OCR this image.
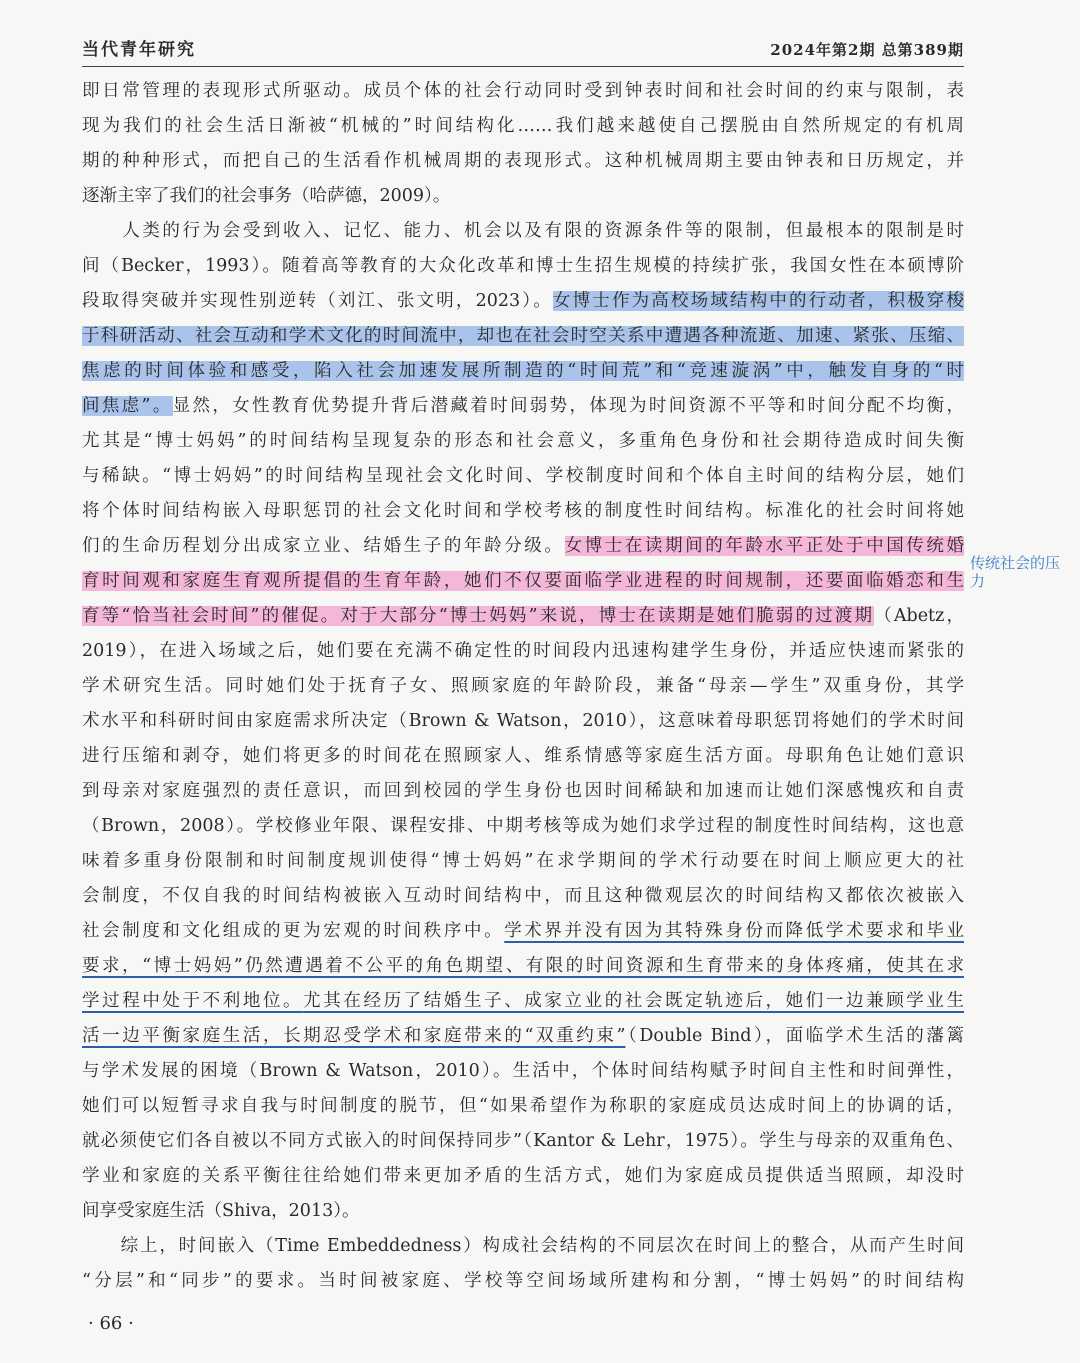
当代青年研究	2024年第2期 总第389期
即日常管理的表现形式所驱动。成员个体的社会行动同时受到钟表时间和社会时间的约束与限制，表
现为我们的社会生活日渐被“机械的”时间结构化……我们越来越使自己摆脱由自然所规定的有机周
期的种种形式，而把自己的生活看作机械周期的表现形式。这种机械周期主要由钟表和日历规定，并
逐渐主宰了我们的社会事务（哈萨德，2009）。
　　人类的行为会受到收入、记忆、能力、机会以及有限的资源条件等的限制，但最根本的限制是时
间（Becker，1993）。随着高等教育的大众化改革和博士生招生规模的持续扩张，我国女性在本硕博阶
段取得突破并实现性别逆转（刘江、张文明，2023）。女博士作为高校场域结构中的行动者，积极穿梭
于科研活动、社会互动和学术文化的时间流中，却也在社会时空关系中遭遇各种流逝、加速、紧张、压缩、
焦虑的时间体验和感受，陷入社会加速发展所制造的“时间荒”和“竞速漩涡”中，触发自身的“时
间焦虑”。显然，女性教育优势提升背后潜藏着时间弱势，体现为时间资源不平等和时间分配不均衡，
尤其是“博士妈妈”的时间结构呈现复杂的形态和社会意义，多重角色身份和社会期待造成时间失衡
与稀缺。“博士妈妈”的时间结构呈现社会文化时间、学校制度时间和个体自主时间的结构分层，她们
将个体时间结构嵌入母职惩罚的社会文化时间和学校考核的制度性时间结构。标准化的社会时间将她
们的生命历程划分出成家立业、结婚生子的年龄分级。女博士在读期间的年龄水平正处于中国传统婚
育时间观和家庭生育观所提倡的生育年龄，她们不仅要面临学业进程的时间规制，还要面临婚恋和生
育等“恰当社会时间”的催促。对于大部分“博士妈妈”来说，博士在读期是她们脆弱的过渡期（Abetz，
2019），在进入场域之后，她们要在充满不确定性的时间段内迅速构建学生身份，并适应快速而紧张的
学术研究生活。同时她们处于抚育子女、照顾家庭的年龄阶段，兼备“母亲—学生”双重身份，其学
术水平和科研时间由家庭需求所决定（Brown & Watson，2010），这意味着母职惩罚将她们的学术时间
进行压缩和剥夺，她们将更多的时间花在照顾家人、维系情感等家庭生活方面。母职角色让她们意识
到母亲对家庭强烈的责任意识，而回到校园的学生身份也因时间稀缺和加速而让她们深感愧疚和自责
（Brown，2008）。学校修业年限、课程安排、中期考核等成为她们求学过程的制度性时间结构，这也意
味着多重身份限制和时间制度规训使得“博士妈妈”在求学期间的学术行动要在时间上顺应更大的社
会制度，不仅自我的时间结构被嵌入互动时间结构中，而且这种微观层次的时间结构又都依次被嵌入
社会制度和文化组成的更为宏观的时间秩序中。学术界并没有因为其特殊身份而降低学术要求和毕业
要求，“博士妈妈”仍然遭遇着不公平的角色期望、有限的时间资源和生育带来的身体疼痛，使其在求
学过程中处于不利地位。尤其在经历了结婚生子、成家立业的社会既定轨迹后，她们一边兼顾学业生
活一边平衡家庭生活，长期忍受学术和家庭带来的“双重约束”（Double Bind），面临学术生活的藩篱
与学术发展的困境（Brown & Watson，2010）。生活中，个体时间结构赋予时间自主性和时间弹性，
她们可以短暂寻求自我与时间制度的脱节，但“如果希望作为称职的家庭成员达成时间上的协调的话，
就必须使它们各自被以不同方式嵌入的时间保持同步”（Kantor & Lehr，1975）。学生与母亲的双重角色、
学业和家庭的关系平衡往往给她们带来更加矛盾的生活方式，她们为家庭成员提供适当照顾，却没时
间享受家庭生活（Shiva，2013）。
　　综上，时间嵌入（Time Embeddedness）构成社会结构的不同层次在时间上的整合，从而产生时间
“分层”和“同步”的要求。当时间被家庭、学校等空间场域所建构和分割，“博士妈妈”的时间结构
传统社会的压力
· 66 ·
